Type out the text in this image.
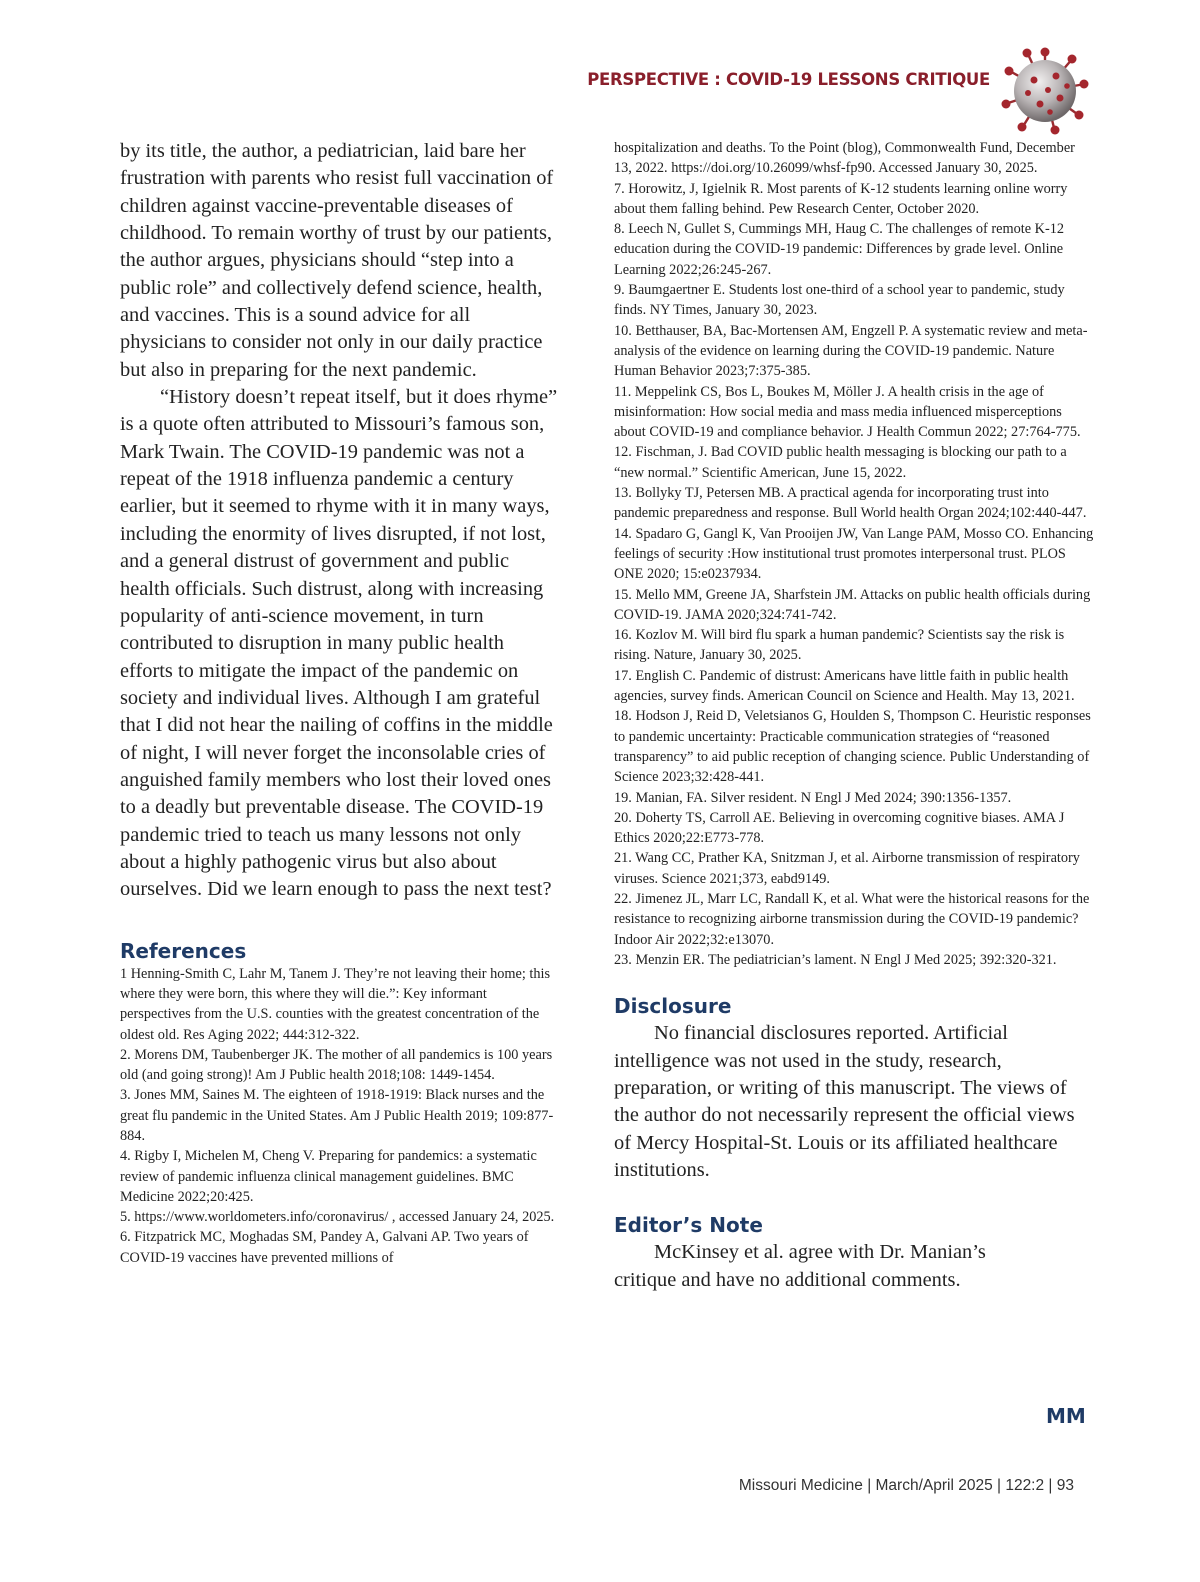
PERSPECTIVE : COVID-19 LESSONS CRITIQUE

by its title, the author, a pediatrician, laid bare her frustration with parents who resist full vaccination of children against vaccine-preventable diseases of childhood. To remain worthy of trust by our patients, the author argues, physicians should “step into a public role” and collectively defend science, health, and vaccines. This is a sound advice for all physicians to consider not only in our daily practice but also in preparing for the next pandemic.

“History doesn’t repeat itself, but it does rhyme” is a quote often attributed to Missouri’s famous son, Mark Twain. The COVID-19 pandemic was not a repeat of the 1918 influenza pandemic a century earlier, but it seemed to rhyme with it in many ways, including the enormity of lives disrupted, if not lost, and a general distrust of government and public health officials. Such distrust, along with increasing popularity of anti-science movement, in turn contributed to disruption in many public health efforts to mitigate the impact of the pandemic on society and individual lives. Although I am grateful that I did not hear the nailing of coffins in the middle of night, I will never forget the inconsolable cries of anguished family members who lost their loved ones to a deadly but preventable disease. The COVID-19 pandemic tried to teach us many lessons not only about a highly pathogenic virus but also about ourselves. Did we learn enough to pass the next test?

References
1 Henning-Smith C, Lahr M, Tanem J. They’re not leaving their home; this where they were born, this where they will die.”: Key informant perspectives from the U.S. counties with the greatest concentration of the oldest old. Res Aging 2022; 444:312-322.
2. Morens DM, Taubenberger JK. The mother of all pandemics is 100 years old (and going strong)! Am J Public health 2018;108: 1449-1454.
3. Jones MM, Saines M. The eighteen of 1918-1919: Black nurses and the great flu pandemic in the United States. Am J Public Health 2019; 109:877-884.
4. Rigby I, Michelen M, Cheng V. Preparing for pandemics: a systematic review of pandemic influenza clinical management guidelines. BMC Medicine 2022;20:425.
5. https://www.worldometers.info/coronavirus/ , accessed January 24, 2025.
6. Fitzpatrick MC, Moghadas SM, Pandey A, Galvani AP. Two years of COVID-19 vaccines have prevented millions of
hospitalization and deaths. To the Point (blog), Commonwealth Fund, December 13, 2022. https://doi.org/10.26099/whsf-fp90. Accessed January 30, 2025.
7. Horowitz, J, Igielnik R. Most parents of K-12 students learning online worry about them falling behind. Pew Research Center, October 2020.
8. Leech N, Gullet S, Cummings MH, Haug C. The challenges of remote K-12 education during the COVID-19 pandemic: Differences by grade level. Online Learning 2022;26:245-267.
9. Baumgaertner E. Students lost one-third of a school year to pandemic, study finds. NY Times, January 30, 2023.
10. Betthauser, BA, Bac-Mortensen AM, Engzell P. A systematic review and meta-analysis of the evidence on learning during the COVID-19 pandemic. Nature Human Behavior 2023;7:375-385.
11. Meppelink CS, Bos L, Boukes M, Möller J. A health crisis in the age of misinformation: How social media and mass media influenced misperceptions about COVID-19 and compliance behavior. J Health Commun 2022; 27:764-775.
12. Fischman, J. Bad COVID public health messaging is blocking our path to a “new normal.” Scientific American, June 15, 2022.
13. Bollyky TJ, Petersen MB. A practical agenda for incorporating trust into pandemic preparedness and response. Bull World health Organ 2024;102:440-447.
14. Spadaro G, Gangl K, Van Prooijen JW, Van Lange PAM, Mosso CO. Enhancing feelings of security :How institutional trust promotes interpersonal trust. PLOS ONE 2020; 15:e0237934.
15. Mello MM, Greene JA, Sharfstein JM. Attacks on public health officials during COVID-19. JAMA 2020;324:741-742.
16. Kozlov M. Will bird flu spark a human pandemic? Scientists say the risk is rising. Nature, January 30, 2025.
17. English C. Pandemic of distrust: Americans have little faith in public health agencies, survey finds. American Council on Science and Health. May 13, 2021.
18. Hodson J, Reid D, Veletsianos G, Houlden S, Thompson C. Heuristic responses to pandemic uncertainty: Practicable communication strategies of “reasoned transparency” to aid public reception of changing science. Public Understanding of Science 2023;32:428-441.
19. Manian, FA. Silver resident. N Engl J Med 2024; 390:1356-1357.
20. Doherty TS, Carroll AE. Believing in overcoming cognitive biases. AMA J Ethics 2020;22:E773-778.
21. Wang CC, Prather KA, Snitzman J, et al. Airborne transmission of respiratory viruses. Science 2021;373, eabd9149.
22. Jimenez JL, Marr LC, Randall K, et al. What were the historical reasons for the resistance to recognizing airborne transmission during the COVID-19 pandemic? Indoor Air 2022;32:e13070.
23. Menzin ER. The pediatrician’s lament. N Engl J Med 2025; 392:320-321.
Disclosure

No financial disclosures reported. Artificial intelligence was not used in the study, research, preparation, or writing of this manuscript. The views of the author do not necessarily represent the official views of Mercy Hospital-St. Louis or its affiliated healthcare institutions.

Editor’s Note

McKinsey et al. agree with Dr. Manian’s critique and have no additional comments.

MM
Missouri Medicine | March/April 2025 | 122:2 | 93
